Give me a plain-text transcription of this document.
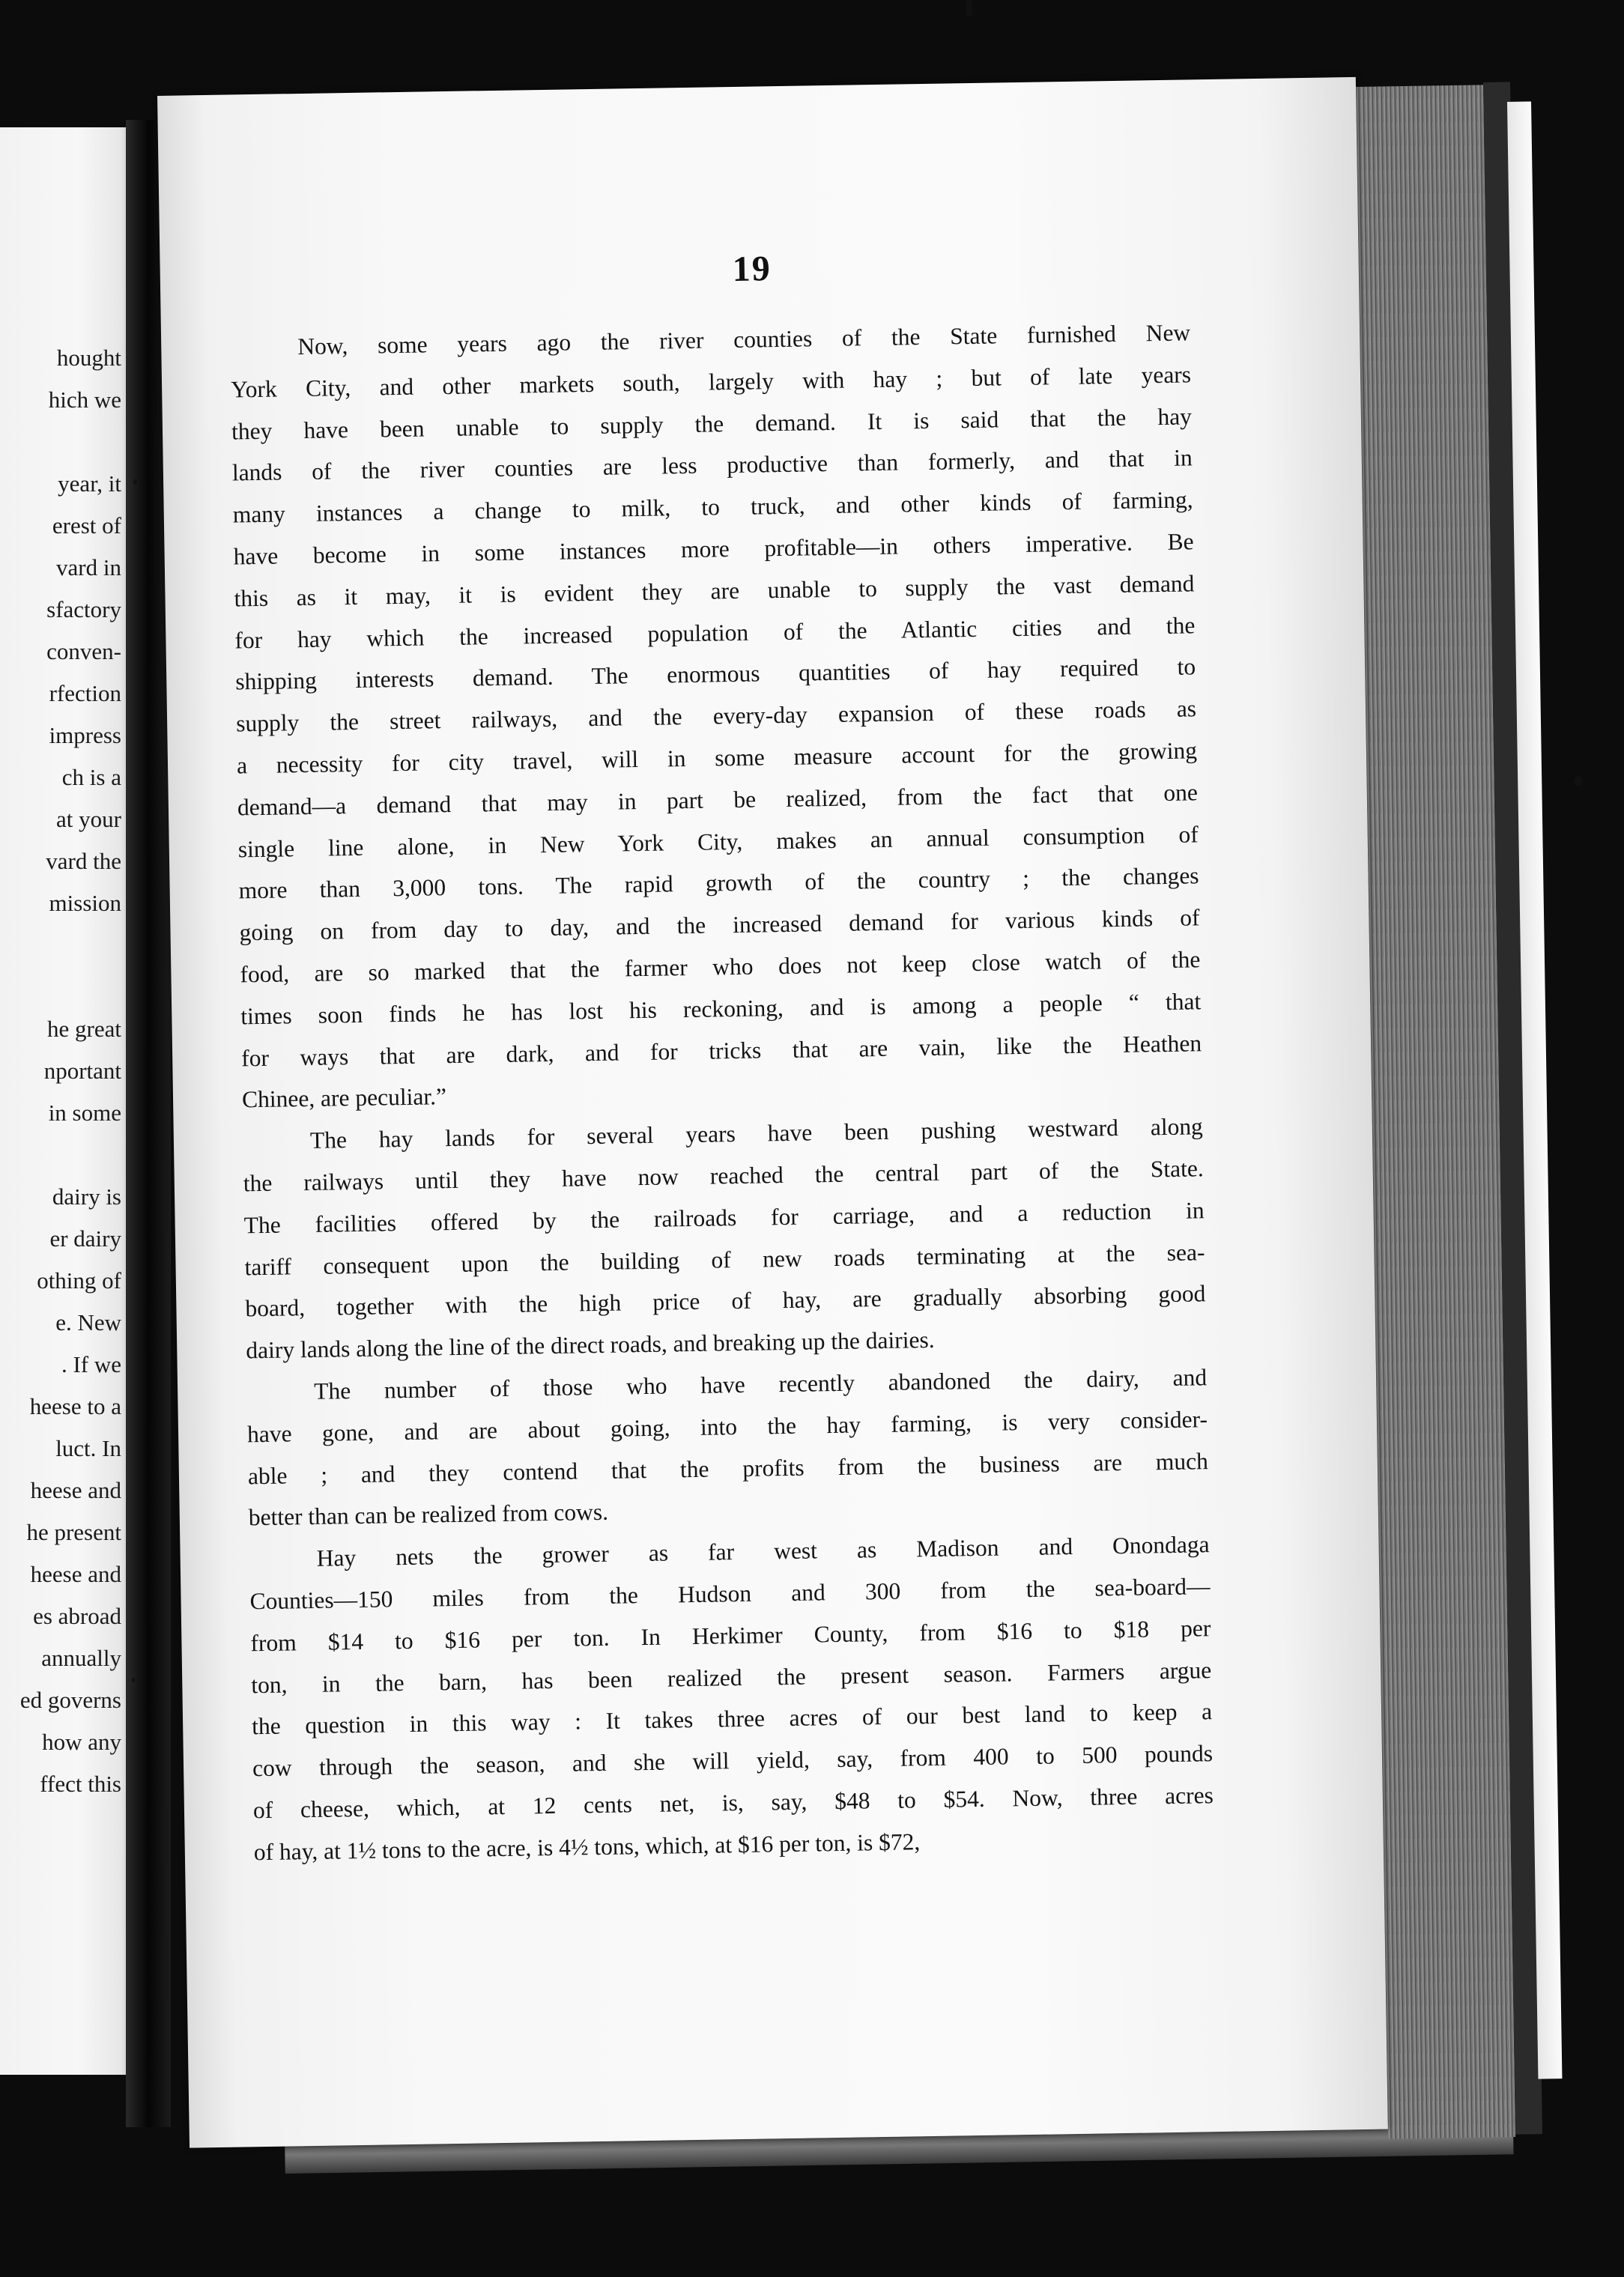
hought
hich we
year, it
erest of
vard in
sfactory
conven-
rfection
impress
ch is a
at your
vard the
mission
he great
nportant
in some
dairy is
er dairy
othing of
e. New
. If we
heese to a
luct. In
heese and
he present
heese and
es abroad
annually
ed governs
how any
ffect this
19
Now, some years ago the river counties of the State furnished New
York City, and other markets south, largely with hay ; but of late years
they have been unable to supply the demand. It is said that the hay
lands of the river counties are less productive than formerly, and that in
many instances a change to milk, to truck, and other kinds of farming,
have become in some instances more profitable—in others imperative. Be
this as it may, it is evident they are unable to supply the vast demand
for hay which the increased population of the Atlantic cities and the
shipping interests demand. The enormous quantities of hay required to
supply the street railways, and the every-day expansion of these roads as
a necessity for city travel, will in some measure account for the growing
demand—a demand that may in part be realized, from the fact that one
single line alone, in New York City, makes an annual consumption of
more than 3,000 tons. The rapid growth of the country ; the changes
going on from day to day, and the increased demand for various kinds of
food, are so marked that the farmer who does not keep close watch of the
times soon finds he has lost his reckoning, and is among a people “ that
for ways that are dark, and for tricks that are vain, like the Heathen
Chinee, are peculiar.”
The hay lands for several years have been pushing westward along
the railways until they have now reached the central part of the State.
The facilities offered by the railroads for carriage, and a reduction in
tariff consequent upon the building of new roads terminating at the sea-
board, together with the high price of hay, are gradually absorbing good
dairy lands along the line of the direct roads, and breaking up the dairies.
The number of those who have recently abandoned the dairy, and
have gone, and are about going, into the hay farming, is very consider-
able ; and they contend that the profits from the business are much
better than can be realized from cows.
Hay nets the grower as far west as Madison and Onondaga
Counties—150 miles from the Hudson and 300 from the sea-board—
from $14 to $16 per ton. In Herkimer County, from $16 to $18 per
ton, in the barn, has been realized the present season. Farmers argue
the question in this way : It takes three acres of our best land to keep a
cow through the season, and she will yield, say, from 400 to 500 pounds
of cheese, which, at 12 cents net, is, say, $48 to $54. Now, three acres
of hay, at 1½ tons to the acre, is 4½ tons, which, at $16 per ton, is $72,
